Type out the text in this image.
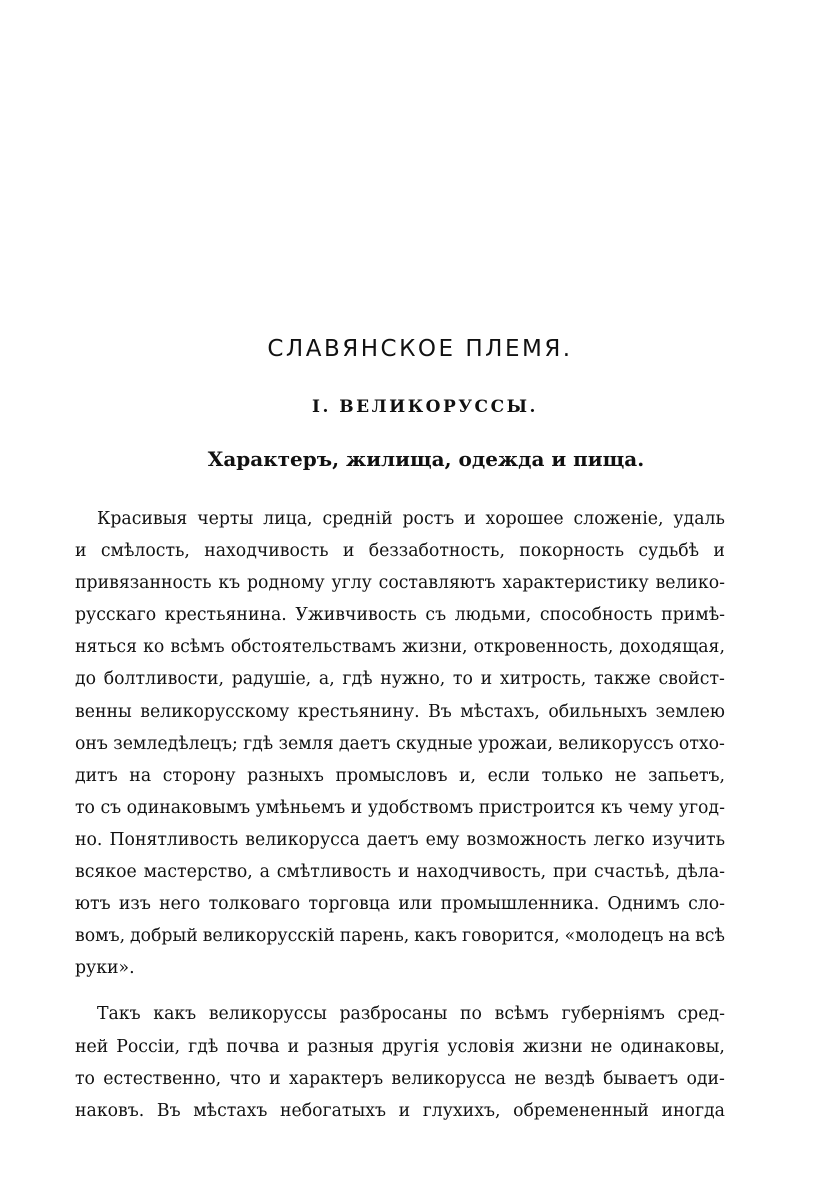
СЛАВЯНСКОЕ ПЛЕМЯ.
I. ВЕЛИКОРУССЫ.
Характеръ, жилища, одежда и пища.
Красивыя черты лица, средній ростъ и хорошее сложеніе, удаль
и смѣлость, находчивость и беззаботность, покорность судьбѣ и
привязанность къ родному углу составляютъ характеристику велико-
русскаго крестьянина. Уживчивость съ людьми, способность примѣ-
няться ко всѣмъ обстоятельствамъ жизни, откровенность, доходящая,
до болтливости, радушіе, а, гдѣ нужно, то и хитрость, также свойст-
венны великорусскому крестьянину. Въ мѣстахъ, обильныхъ землею
онъ земледѣлецъ; гдѣ земля даетъ скудные урожаи, великоруссъ отхо-
дитъ на сторону разныхъ промысловъ и, если только не запьетъ,
то съ одинаковымъ умѣньемъ и удобствомъ пристроится къ чему угод-
но. Понятливость великорусса даетъ ему возможность легко изучить
всякое мастерство, а смѣтливость и находчивость, при счастьѣ, дѣла-
ютъ изъ него толковаго торговца или промышленника. Однимъ сло-
вомъ, добрый великорусскій парень, какъ говорится, «молодецъ на всѣ
руки».
Такъ какъ великоруссы разбросаны по всѣмъ губерніямъ сред-
ней Россіи, гдѣ почва и разныя другія условія жизни не одинаковы,
то естественно, что и характеръ великорусса не вездѣ бываетъ оди-
наковъ. Въ мѣстахъ небогатыхъ и глухихъ, обремененный иногда
